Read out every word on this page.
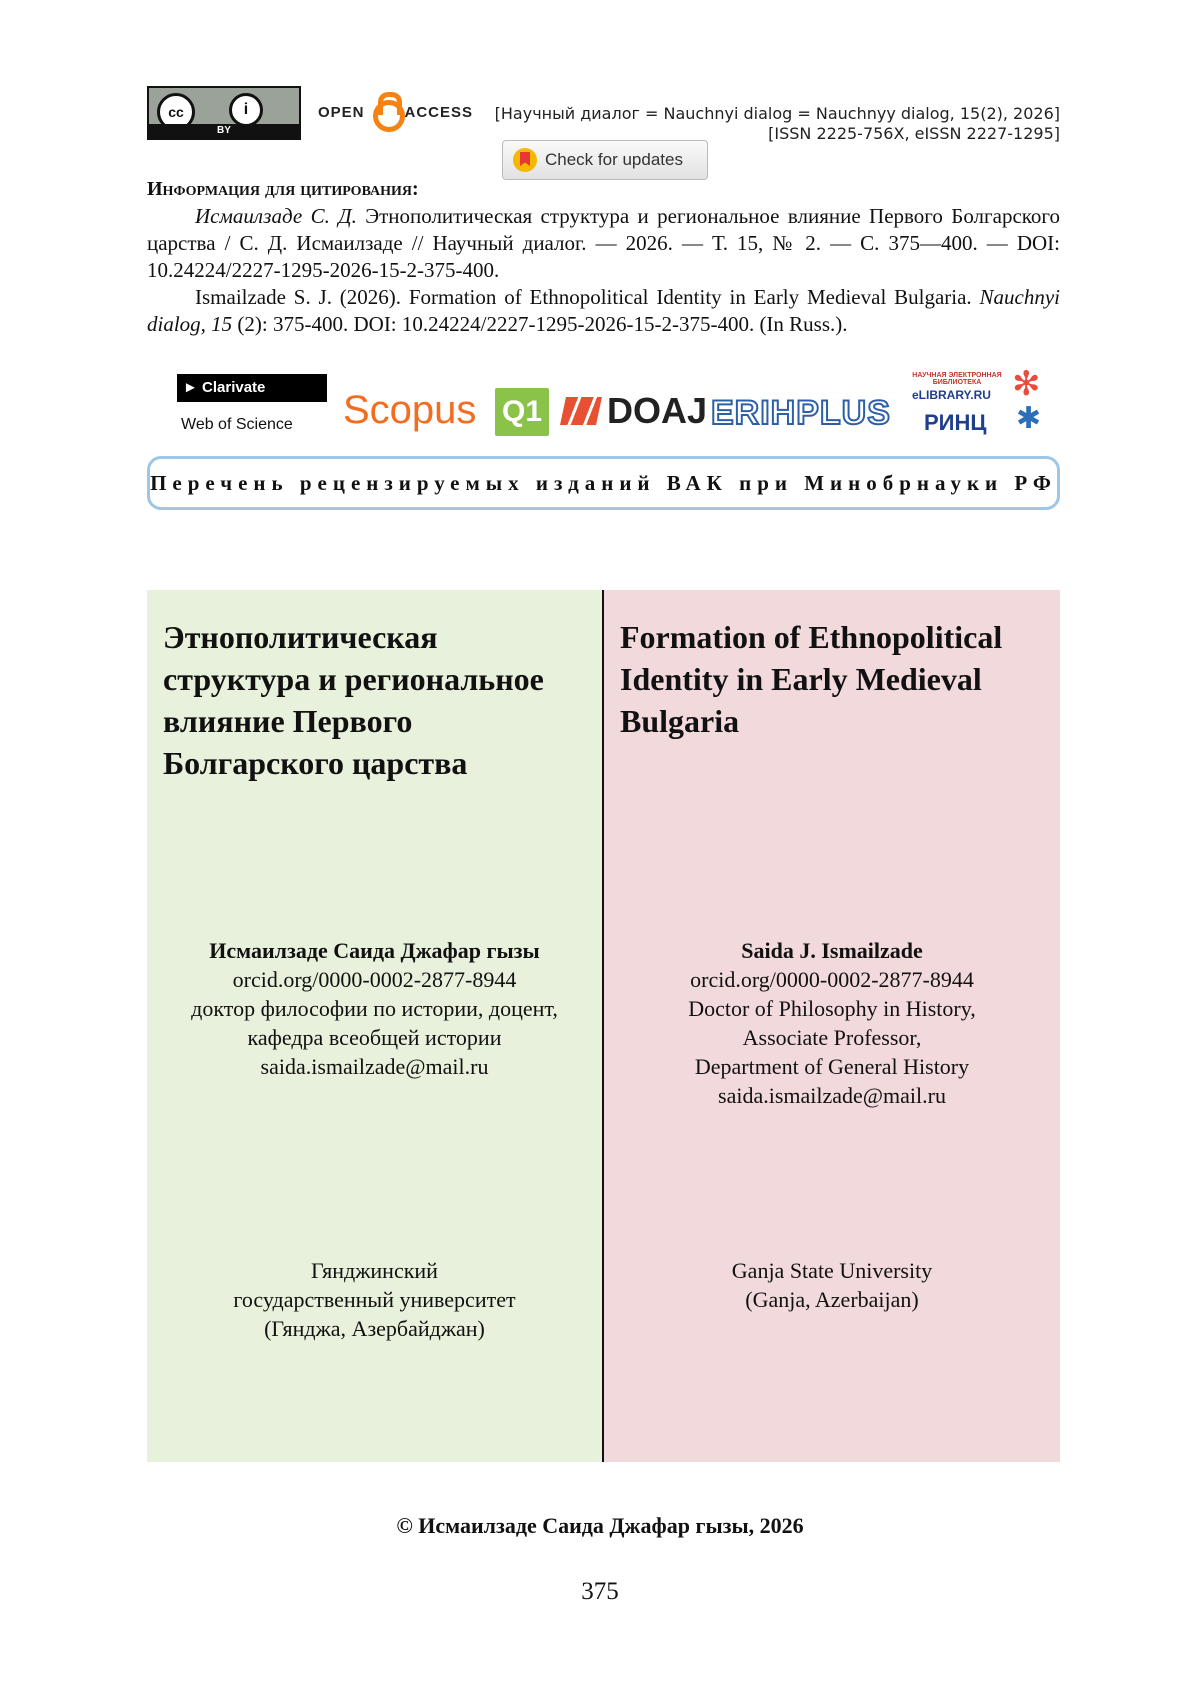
cc	i
BY
OPEN	ACCESS [Научный диалог = Nauchnyi dialog = Nauchnyy dialog, 15(2), 2026]
[ISSN 2225-756X, eISSN 2227-1295]
Check for updates
Информация для цитирования:

Исмаилзаде С. Д. Этнополитическая структура и региональное влияние Первого Болгарского царства / С. Д. Исмаилзаде // Научный диалог. — 2026. — Т. 15, № 2. — С. 375—400. — DOI: 10.24224/2227-1295-2026-15-2-375-400.

Ismailzade S. J. (2026). Formation of Ethnopolitical Identity in Early Medieval Bulgaria. Nauchnyi dialog, 15 (2): 375-400. DOI: 10.24224/2227-1295-2026-15-2-375-400. (In Russ.).

► Clarivate
Web of Science Scopus Q1 DOAJ ERIHPLUS
НАУЧНАЯ ЭЛЕКТРОННАЯ БИБЛИОТЕКА
eLIBRARY.RU
РИНЦ
✻
✱
Перечень рецензируемых изданий ВАК при Минобрнауки РФ
Этнополитическая структура и региональное влияние Первого Болгарского царства
Исмаилзаде Саида Джафар гызы
orcid.org/0000-0002-2877-8944
доктор философии по истории, доцент,
кафедра всеобщей истории
saida.ismailzade@mail.ru
Гянджинский
государственный университет
(Гянджа, Азербайджан)
Formation of Ethnopolitical Identity in Early Medieval Bulgaria
Saida J. Ismailzade
orcid.org/0000-0002-2877-8944
Doctor of Philosophy in History,
Associate Professor,
Department of General History
saida.ismailzade@mail.ru
Ganja State University
(Ganja, Azerbaijan)
© Исмаилзаде Саида Джафар гызы, 2026
375
